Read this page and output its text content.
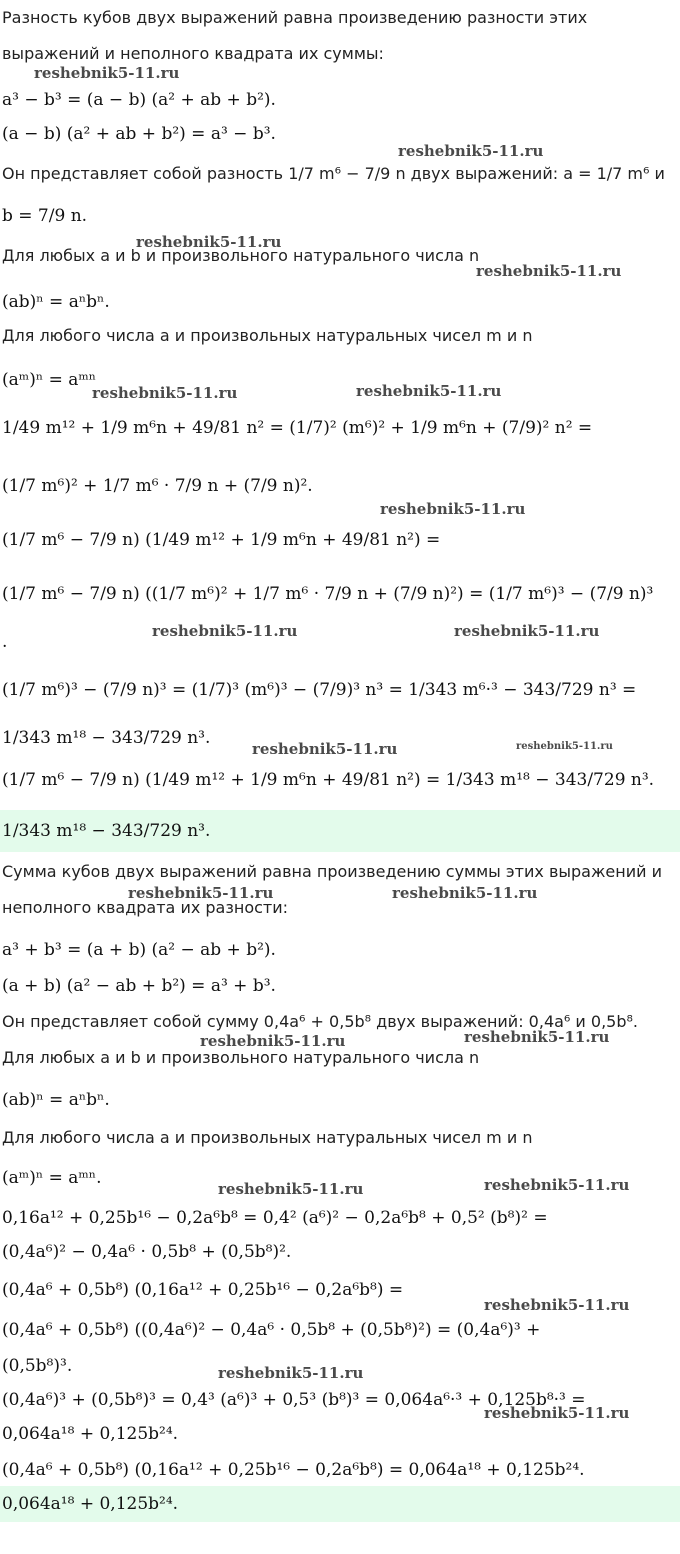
Разность кубов двух выражений равна произведению разности этих
выражений и неполного квадрата их суммы:
a³ − b³ = (a − b) (a² + ab + b²).
(a − b) (a² + ab + b²) = a³ − b³.
Он представляет собой разность 1/7 m⁶ − 7/9 n двух выражений: a = 1/7 m⁶ и
b = 7/9 n.
Для любых a и b и произвольного натурального числа n
(ab)ⁿ = aⁿbⁿ.
Для любого числа a и произвольных натуральных чисел m и n
(aᵐ)ⁿ = aᵐⁿ
1/49 m¹² + 1/9 m⁶n + 49/81 n² = (1/7)² (m⁶)² + 1/9 m⁶n + (7/9)² n² =
(1/7 m⁶)² + 1/7 m⁶ · 7/9 n + (7/9 n)².
(1/7 m⁶ − 7/9 n) (1/49 m¹² + 1/9 m⁶n + 49/81 n²) =
(1/7 m⁶ − 7/9 n) ((1/7 m⁶)² + 1/7 m⁶ · 7/9 n + (7/9 n)²) = (1/7 m⁶)³ − (7/9 n)³
.
(1/7 m⁶)³ − (7/9 n)³ = (1/7)³ (m⁶)³ − (7/9)³ n³ = 1/343 m⁶·³ − 343/729 n³ =
1/343 m¹⁸ − 343/729 n³.
(1/7 m⁶ − 7/9 n) (1/49 m¹² + 1/9 m⁶n + 49/81 n²) = 1/343 m¹⁸ − 343/729 n³.
1/343 m¹⁸ − 343/729 n³.
Сумма кубов двух выражений равна произведению суммы этих выражений и
неполного квадрата их разности:
a³ + b³ = (a + b) (a² − ab + b²).
(a + b) (a² − ab + b²) = a³ + b³.
Он представляет собой сумму 0,4a⁶ + 0,5b⁸ двух выражений: 0,4a⁶ и 0,5b⁸.
Для любых a и b и произвольного натурального числа n
(ab)ⁿ = aⁿbⁿ.
Для любого числа a и произвольных натуральных чисел m и n
(aᵐ)ⁿ = aᵐⁿ.
0,16a¹² + 0,25b¹⁶ − 0,2a⁶b⁸ = 0,4² (a⁶)² − 0,2a⁶b⁸ + 0,5² (b⁸)² =
(0,4a⁶)² − 0,4a⁶ · 0,5b⁸ + (0,5b⁸)².
(0,4a⁶ + 0,5b⁸) (0,16a¹² + 0,25b¹⁶ − 0,2a⁶b⁸) =
(0,4a⁶ + 0,5b⁸) ((0,4a⁶)² − 0,4a⁶ · 0,5b⁸ + (0,5b⁸)²) = (0,4a⁶)³ +
(0,5b⁸)³.
(0,4a⁶)³ + (0,5b⁸)³ = 0,4³ (a⁶)³ + 0,5³ (b⁸)³ = 0,064a⁶·³ + 0,125b⁸·³ =
0,064a¹⁸ + 0,125b²⁴.
(0,4a⁶ + 0,5b⁸) (0,16a¹² + 0,25b¹⁶ − 0,2a⁶b⁸) = 0,064a¹⁸ + 0,125b²⁴.
0,064a¹⁸ + 0,125b²⁴.
reshebnik5-11.ru
reshebnik5-11.ru
reshebnik5-11.ru
reshebnik5-11.ru
reshebnik5-11.ru	reshebnik5-11.ru
reshebnik5-11.ru
reshebnik5-11.ru	reshebnik5-11.ru
reshebnik5-11.ru	reshebnik5-11.ru
reshebnik5-11.ru	reshebnik5-11.ru
reshebnik5-11.ru	reshebnik5-11.ru
reshebnik5-11.ru	reshebnik5-11.ru
reshebnik5-11.ru
reshebnik5-11.ru
reshebnik5-11.ru
